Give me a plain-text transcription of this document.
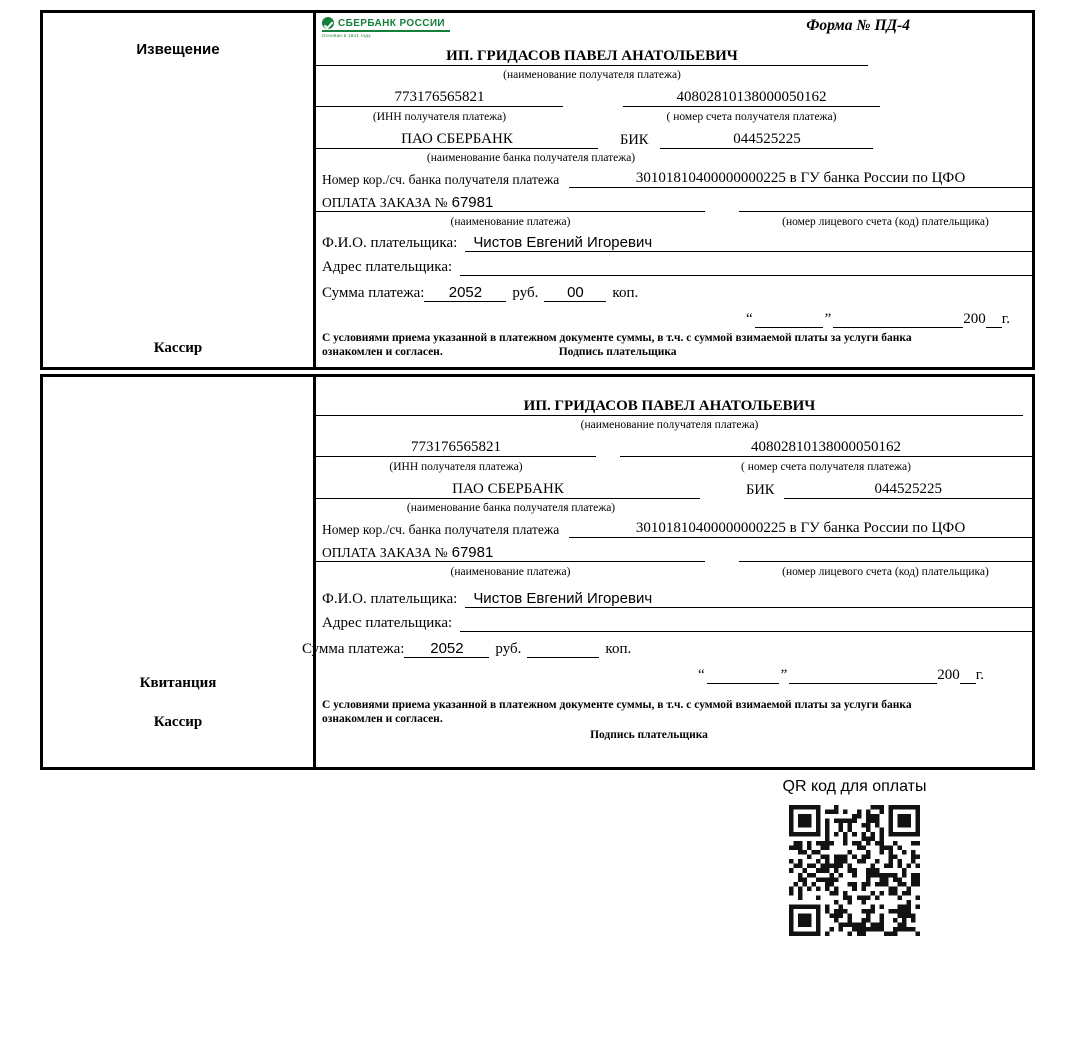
Извещение
Кассир
СБЕРБАНК РОССИИ
Основан в 1841 году
Форма № ПД-4
ИП. ГРИДАСОВ ПАВЕЛ АНАТОЛЬЕВИЧ
(наименование получателя платежа)
773176565821	40802810138000050162
(ИНН получателя платежа)	( номер счета получателя платежа)
ПАО СБЕРБАНК	БИК	044525225
(наименование банка получателя платежа)
Номер кор./сч. банка получателя платежа	30101810400000000225 в ГУ банка России по ЦФО
ОПЛАТА ЗАКАЗА № 67981
(наименование платежа)	(номер лицевого счета (код) плательщика)
Ф.И.О. плательщика:	Чистов Евгений Игоревич
Адрес плательщика:
Сумма платежа:	2052	руб.	00	коп.
“	”	200 г.
С условиями приема указанной в платежном документе суммы, в т.ч. с суммой взимаемой платы за услуги банка
ознакомлен и согласен.	Подпись плательщика
Квитанция
Кассир
ИП. ГРИДАСОВ ПАВЕЛ АНАТОЛЬЕВИЧ
(наименование получателя платежа)
773176565821	40802810138000050162
(ИНН получателя платежа)	( номер счета получателя платежа)
ПАО СБЕРБАНК	БИК	044525225
(наименование банка получателя платежа)
Номер кор./сч. банка получателя платежа	30101810400000000225 в ГУ банка России по ЦФО
ОПЛАТА ЗАКАЗА № 67981
(наименование платежа)	(номер лицевого счета (код) плательщика)
Ф.И.О. плательщика:	Чистов Евгений Игоревич
Адрес плательщика:
Сумма платежа:	2052	руб.	коп.
“	”	200 г.
С условиями приема указанной в платежном документе суммы, в т.ч. с суммой взимаемой платы за услуги банка
ознакомлен и согласен.
Подпись плательщика
QR код для оплаты
